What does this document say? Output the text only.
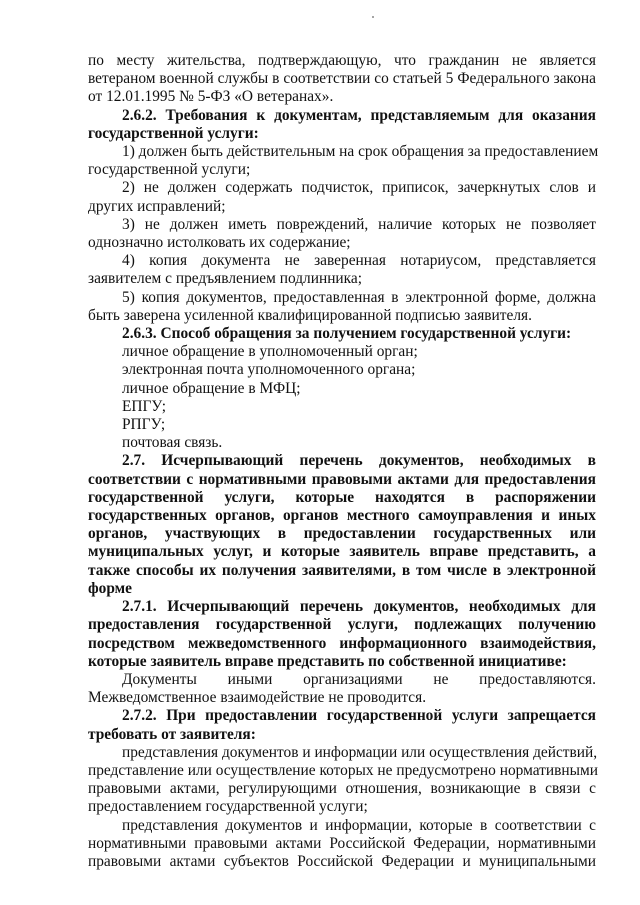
по месту жительства, подтверждающую, что гражданин не является
ветераном военной службы в соответствии со статьей 5 Федерального закона
от 12.01.1995 № 5-ФЗ «О ветеранах».
2.6.2. Требования к документам, представляемым для оказания
государственной услуги:
1) должен быть действительным на срок обращения за предоставлением
государственной услуги;
2) не должен содержать подчисток, приписок, зачеркнутых слов и
других исправлений;
3) не должен иметь повреждений, наличие которых не позволяет
однозначно истолковать их содержание;
4) копия документа не заверенная нотариусом, представляется
заявителем с предъявлением подлинника;
5) копия документов, предоставленная в электронной форме, должна
быть заверена усиленной квалифицированной подписью заявителя.
2.6.3. Способ обращения за получением государственной услуги:
личное обращение в уполномоченный орган;
электронная почта уполномоченного органа;
личное обращение в МФЦ;
ЕПГУ;
РПГУ;
почтовая связь.
2.7. Исчерпывающий перечень документов, необходимых в
соответствии с нормативными правовыми актами для предоставления
государственной услуги, которые находятся в распоряжении
государственных органов, органов местного самоуправления и иных
органов, участвующих в предоставлении государственных или
муниципальных услуг, и которые заявитель вправе представить, а
также способы их получения заявителями, в том числе в электронной
форме
2.7.1. Исчерпывающий перечень документов, необходимых для
предоставления государственной услуги, подлежащих получению
посредством межведомственного информационного взаимодействия,
которые заявитель вправе представить по собственной инициативе:
Документы иными организациями не предоставляются.
Межведомственное взаимодействие не проводится.
2.7.2. При предоставлении государственной услуги запрещается
требовать от заявителя:
представления документов и информации или осуществления действий,
представление или осуществление которых не предусмотрено нормативными
правовыми актами, регулирующими отношения, возникающие в связи с
предоставлением государственной услуги;
представления документов и информации, которые в соответствии с
нормативными правовыми актами Российской Федерации, нормативными
правовыми актами субъектов Российской Федерации и муниципальными
